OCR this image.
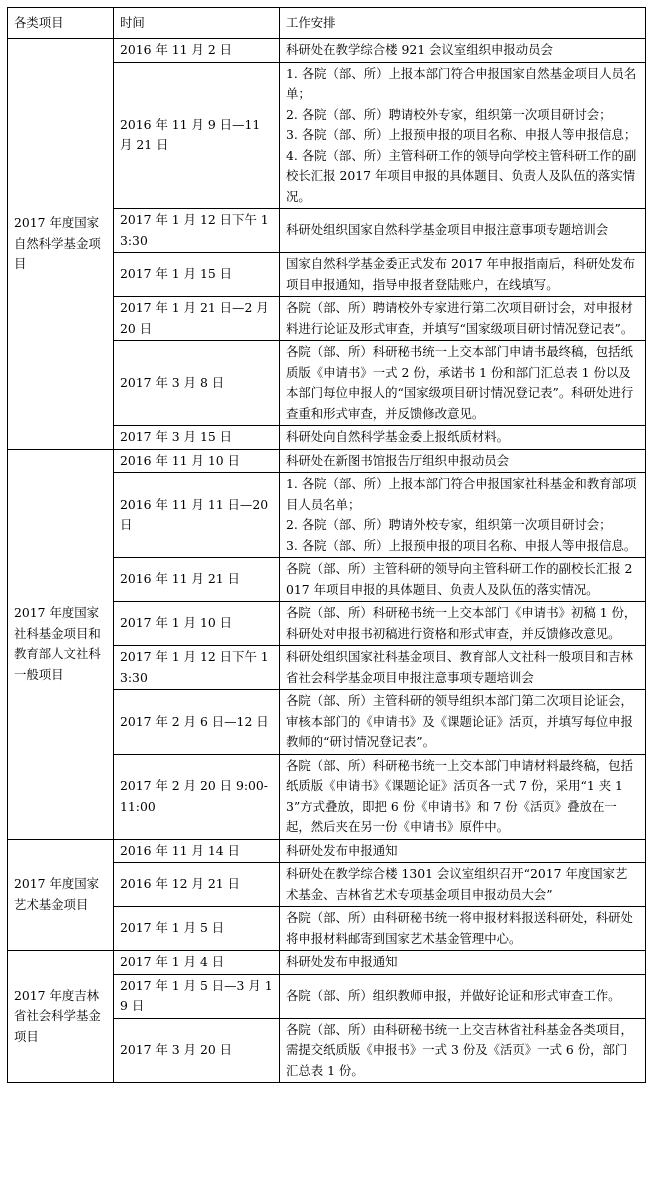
各类项目	时间	工作安排
2017 年度国家自然科学基金项目	2016 年 11 月 2 日	科研处在教学综合楼 921 会议室组织申报动员会

	2016 年 11 月 9 日—11 月 21 日	1. 各院（部、所）上报本部门符合申报国家自然基金项目人员名单；
2. 各院（部、所）聘请校外专家，组织第一次项目研讨会；
3. 各院（部、所）上报预申报的项目名称、申报人等申报信息；
4. 各院（部、所）主管科研工作的领导向学校主管科研工作的副校长汇报 2017 年项目申报的具体题目、负责人及队伍的落实情况。

	2017 年 1 月 12 日下午 13:30	科研处组织国家自然科学基金项目申报注意事项专题培训会

	2017 年 1 月 15 日	国家自然科学基金委正式发布 2017 年申报指南后，科研处发布项目申报通知，指导申报者登陆账户，在线填写。

	2017 年 1 月 21 日—2 月 20 日	各院（部、所）聘请校外专家进行第二次项目研讨会，对申报材料进行论证及形式审查，并填写“国家级项目研讨情况登记表”。

	2017 年 3 月 8 日	各院（部、所）科研秘书统一上交本部门申请书最终稿，包括纸质版《申请书》一式 2 份，承诺书 1 份和部门汇总表 1 份以及本部门每位申报人的“国家级项目研讨情况登记表”。科研处进行查重和形式审查，并反馈修改意见。

	2017 年 3 月 15 日	科研处向自然科学基金委上报纸质材料。

2017 年度国家社科基金项目和教育部人文社科一般项目	2016 年 11 月 10 日	科研处在新图书馆报告厅组织申报动员会

	2016 年 11 月 11 日—20 日	1. 各院（部、所）上报本部门符合申报国家社科基金和教育部项目人员名单；
2. 各院（部、所）聘请外校专家，组织第一次项目研讨会；
3. 各院（部、所）上报预申报的项目名称、申报人等申报信息。

	2016 年 11 月 21 日	各院（部、所）主管科研的领导向主管科研工作的副校长汇报 2017 年项目申报的具体题目、负责人及队伍的落实情况。

	2017 年 1 月 10 日	各院（部、所）科研秘书统一上交本部门《申请书》初稿 1 份，科研处对申报书初稿进行资格和形式审查，并反馈修改意见。

	2017 年 1 月 12 日下午 13:30	科研处组织国家社科基金项目、教育部人文社科一般项目和吉林省社会科学基金项目申报注意事项专题培训会

	2017 年 2 月 6 日—12 日	各院（部、所）主管科研的领导组织本部门第二次项目论证会，审核本部门的《申请书》及《课题论证》活页，并填写每位申报教师的“研讨情况登记表”。

	2017 年 2 月 20 日 9:00-11:00	各院（部、所）科研秘书统一上交本部门申请材料最终稿，包括纸质版《申请书》《课题论证》活页各一式 7 份，采用“1 夹 13”方式叠放，即把 6 份《申请书》和 7 份《活页》叠放在一起，然后夹在另一份《申请书》原件中。

2017 年度国家艺术基金项目	2016 年 11 月 14 日	科研处发布申报通知

	2016 年 12 月 21 日	科研处在教学综合楼 1301 会议室组织召开“2017 年度国家艺术基金、吉林省艺术专项基金项目申报动员大会”

	2017 年 1 月 5 日	各院（部、所）由科研秘书统一将申报材料报送科研处，科研处将申报材料邮寄到国家艺术基金管理中心。

2017 年度吉林省社会科学基金项目	2017 年 1 月 4 日	科研处发布申报通知

	2017 年 1 月 5 日—3 月 19 日	各院（部、所）组织教师申报，并做好论证和形式审查工作。

	2017 年 3 月 20 日	各院（部、所）由科研秘书统一上交吉林省社科基金各类项目，需提交纸质版《申报书》一式 3 份及《活页》一式 6 份，部门汇总表 1 份。
